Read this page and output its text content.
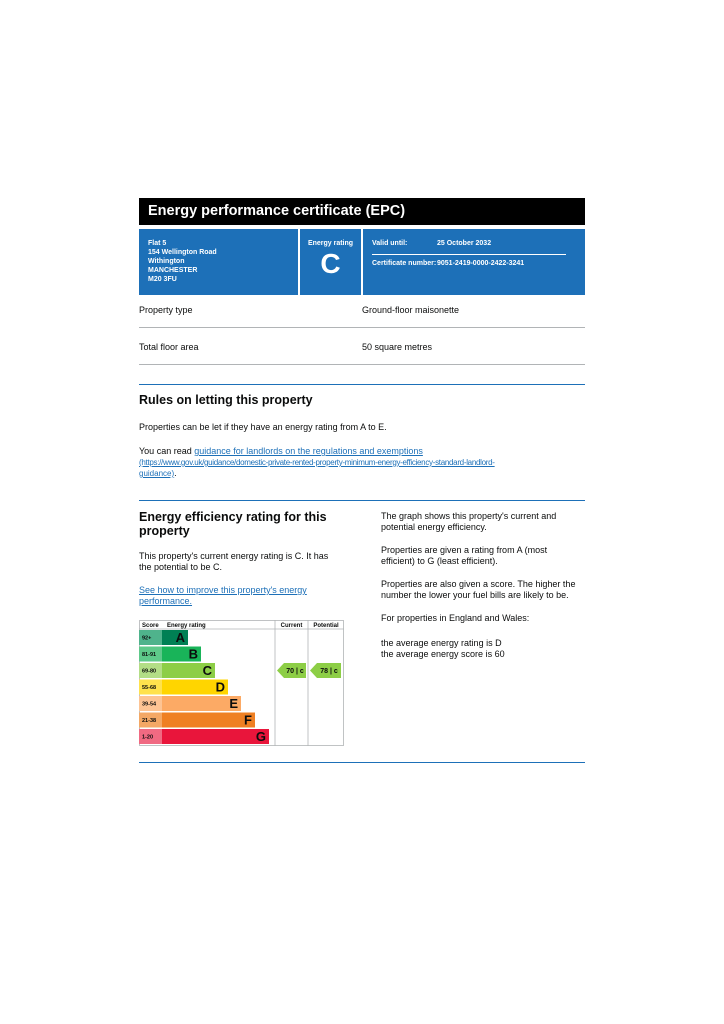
Energy performance certificate (EPC)
Flat 5
154 Wellington Road
Withington
MANCHESTER
M20 3FU
Energy rating
C
Valid until:	25 October 2032
Certificate number: 9051-2419-0000-2422-3241
Property type	Ground-floor maisonette
Total floor area	50 square metres
Rules on letting this property
Properties can be let if they have an energy rating from A to E.
You can read guidance for landlords on the regulations and exemptions
(https://www.gov.uk/guidance/domestic-private-rented-property-minimum-energy-efficiency-standard-landlord-
guidance).
Energy efficiency rating for this
property
This property's current energy rating is C. It has
the potential to be C.
See how to improve this property's energy
performance.
The graph shows this property's current and
potential energy efficiency.
Properties are given a rating from A (most
efficient) to G (least efficient).
Properties are also given a score. The higher the
number the lower your fuel bills are likely to be.
For properties in England and Wales:
the average energy rating is D
the average energy score is 60
Score Energy rating	Current Potential
92+ A
81-91	B
69-80	C
55-68	D
39-54	E
21-38	F
1-20	G
70 | c 78 | c
